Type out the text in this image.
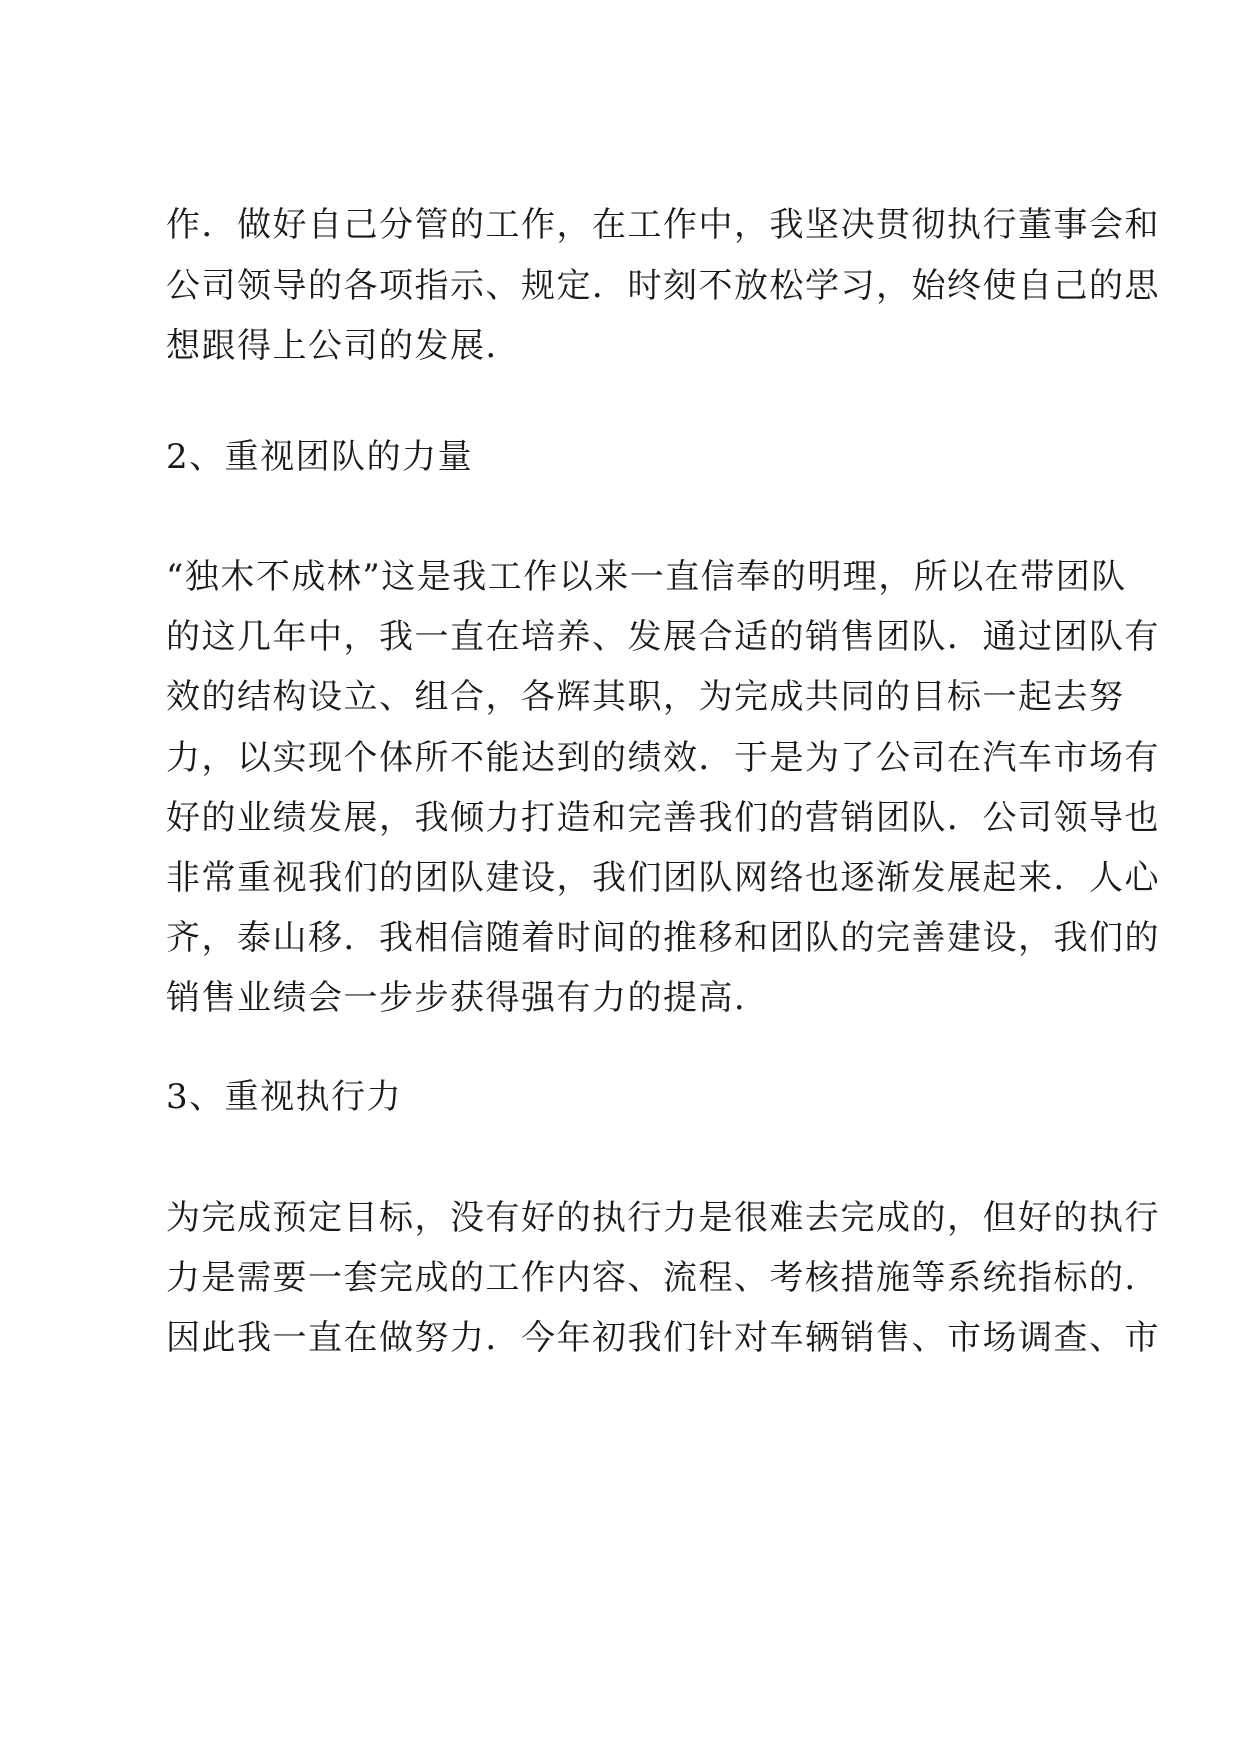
作．做好自己分管的工作，在工作中，我坚决贯彻执行董事会和
公司领导的各项指示、规定．时刻不放松学习，始终使自己的思
想跟得上公司的发展．
2、重视团队的力量
“独木不成林”这是我工作以来一直信奉的明理，所以在带团队
的这几年中，我一直在培养、发展合适的销售团队．通过团队有
效的结构设立、组合，各辉其职，为完成共同的目标一起去努
力，以实现个体所不能达到的绩效．于是为了公司在汽车市场有
好的业绩发展，我倾力打造和完善我们的营销团队．公司领导也
非常重视我们的团队建设，我们团队网络也逐渐发展起来．人心
齐，泰山移．我相信随着时间的推移和团队的完善建设，我们的
销售业绩会一步步获得强有力的提高．
3、重视执行力
为完成预定目标，没有好的执行力是很难去完成的，但好的执行
力是需要一套完成的工作内容、流程、考核措施等系统指标的．
因此我一直在做努力．今年初我们针对车辆销售、市场调查、市
